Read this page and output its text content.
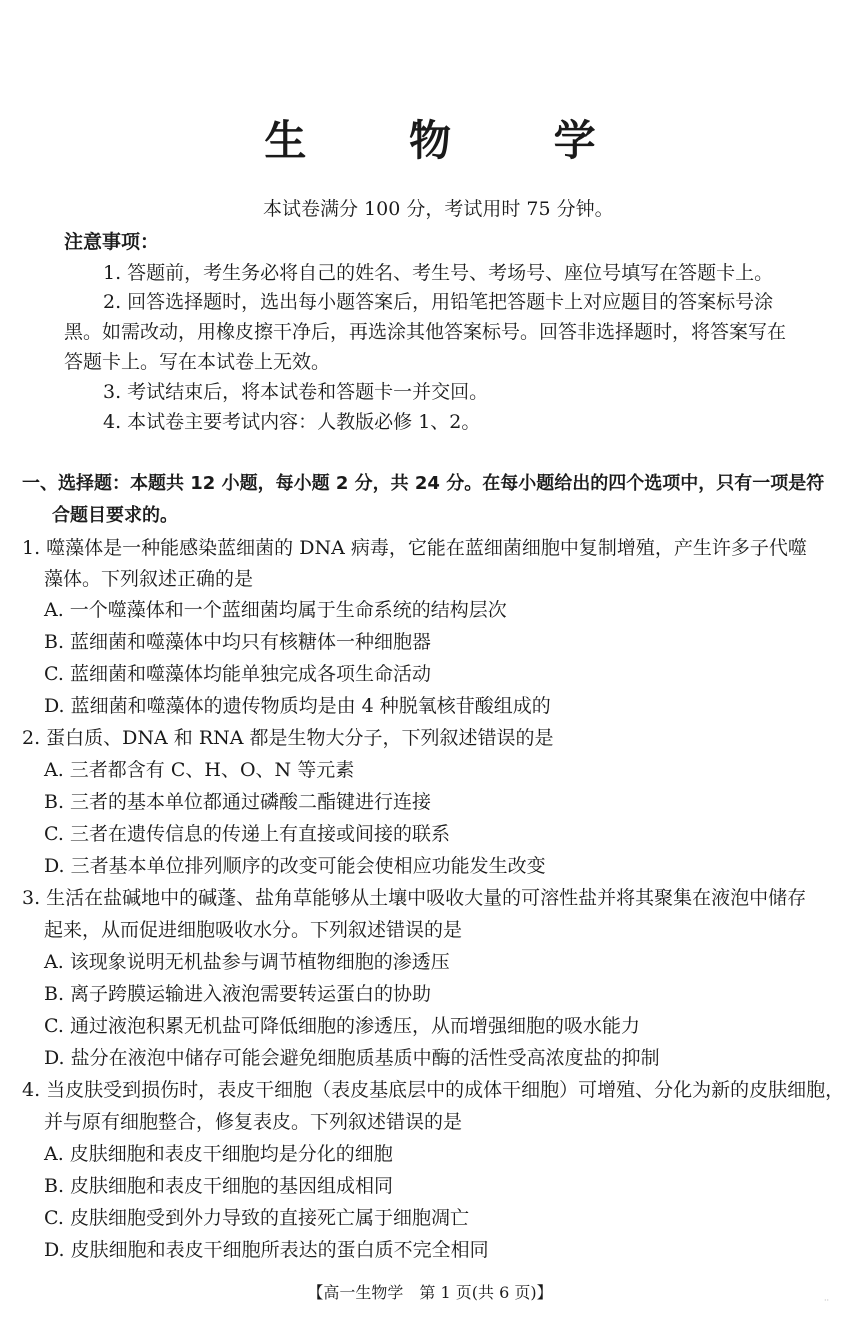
生 物 学
本试卷满分 100 分，考试用时 75 分钟。
注意事项：
1. 答题前，考生务必将自己的姓名、考生号、考场号、座位号填写在答题卡上。
2. 回答选择题时，选出每小题答案后，用铅笔把答题卡上对应题目的答案标号涂
黑。如需改动，用橡皮擦干净后，再选涂其他答案标号。回答非选择题时，将答案写在
答题卡上。写在本试卷上无效。
3. 考试结束后，将本试卷和答题卡一并交回。
4. 本试卷主要考试内容：人教版必修 1、2。
一、选择题：本题共 12 小题，每小题 2 分，共 24 分。在每小题给出的四个选项中，只有一项是符
合题目要求的。
1. 噬藻体是一种能感染蓝细菌的 DNA 病毒，它能在蓝细菌细胞中复制增殖，产生许多子代噬
藻体。下列叙述正确的是
A. 一个噬藻体和一个蓝细菌均属于生命系统的结构层次
B. 蓝细菌和噬藻体中均只有核糖体一种细胞器
C. 蓝细菌和噬藻体均能单独完成各项生命活动
D. 蓝细菌和噬藻体的遗传物质均是由 4 种脱氧核苷酸组成的
2. 蛋白质、DNA 和 RNA 都是生物大分子，下列叙述错误的是
A. 三者都含有 C、H、O、N 等元素
B. 三者的基本单位都通过磷酸二酯键进行连接
C. 三者在遗传信息的传递上有直接或间接的联系
D. 三者基本单位排列顺序的改变可能会使相应功能发生改变
3. 生活在盐碱地中的碱蓬、盐角草能够从土壤中吸收大量的可溶性盐并将其聚集在液泡中储存
起来，从而促进细胞吸收水分。下列叙述错误的是
A. 该现象说明无机盐参与调节植物细胞的渗透压
B. 离子跨膜运输进入液泡需要转运蛋白的协助
C. 通过液泡积累无机盐可降低细胞的渗透压，从而增强细胞的吸水能力
D. 盐分在液泡中储存可能会避免细胞质基质中酶的活性受高浓度盐的抑制
4. 当皮肤受到损伤时，表皮干细胞（表皮基底层中的成体干细胞）可增殖、分化为新的皮肤细胞，
并与原有细胞整合，修复表皮。下列叙述错误的是
A. 皮肤细胞和表皮干细胞均是分化的细胞
B. 皮肤细胞和表皮干细胞的基因组成相同
C. 皮肤细胞受到外力导致的直接死亡属于细胞凋亡
D. 皮肤细胞和表皮干细胞所表达的蛋白质不完全相同
【高一生物学　第 1 页(共 6 页)】	··
